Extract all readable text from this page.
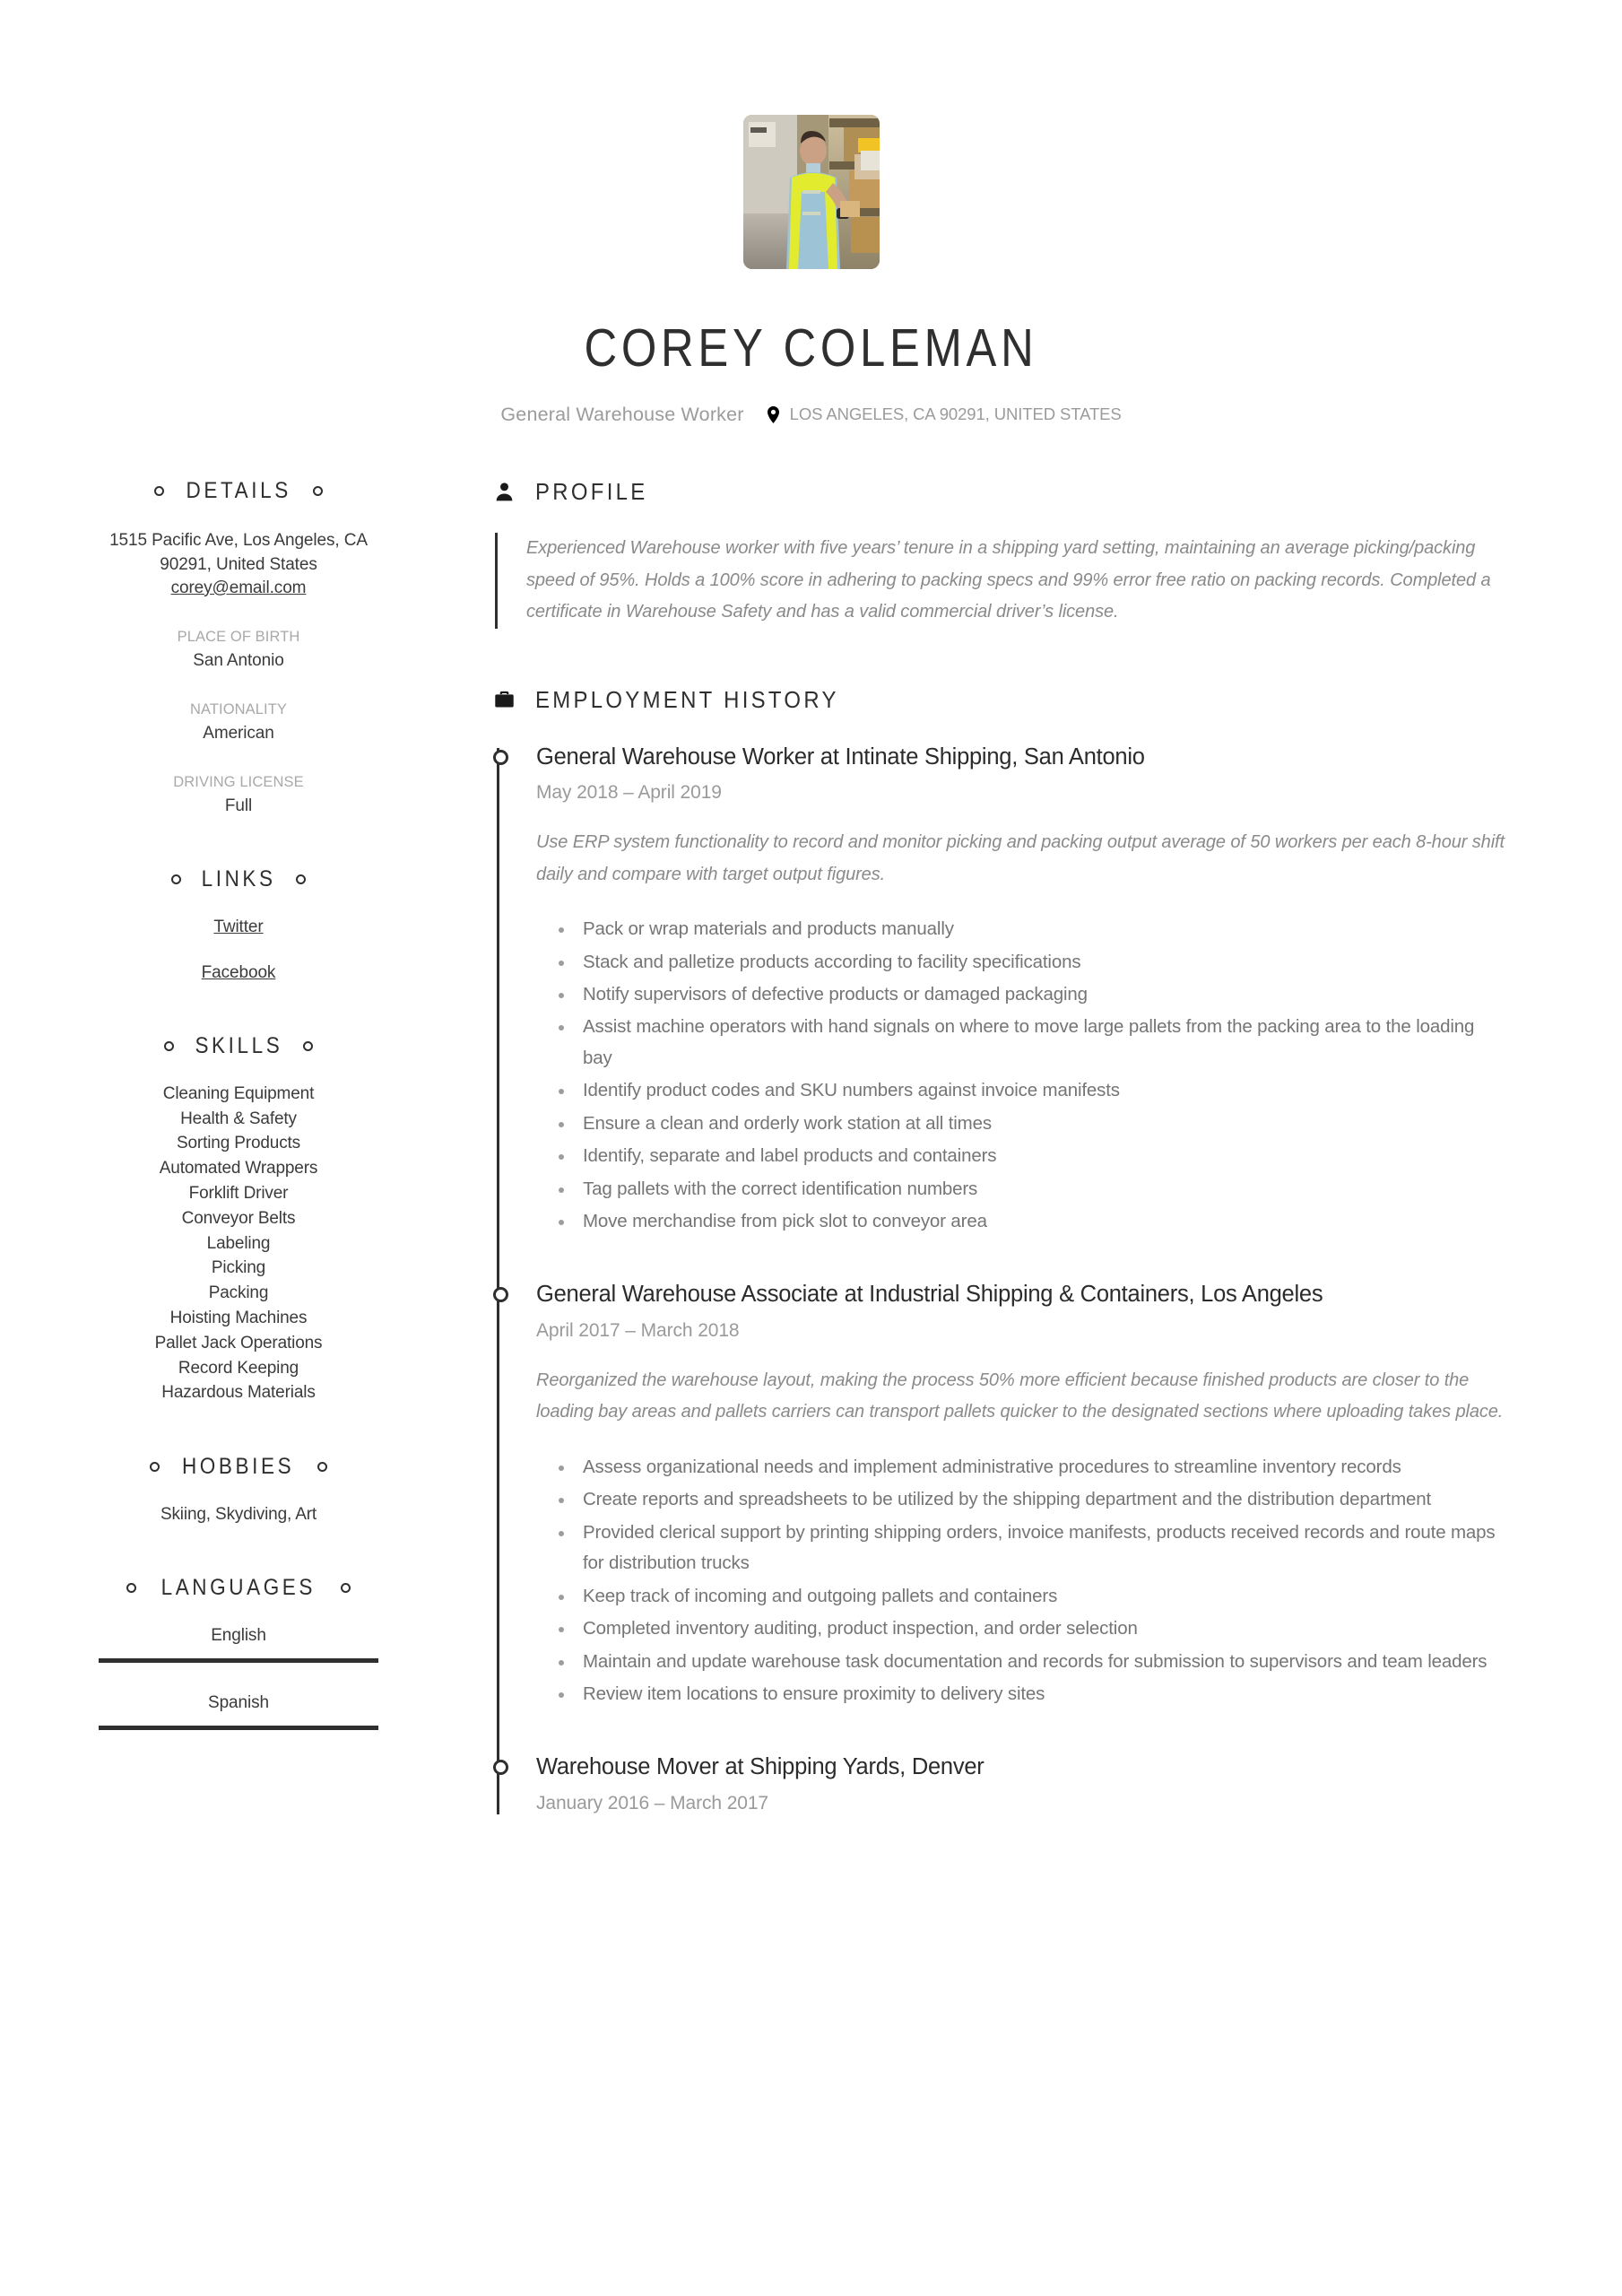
COREY COLEMAN
General Warehouse Worker	LOS ANGELES, CA 90291, UNITED STATES
DETAILS
1515 Pacific Ave, Los Angeles, CA
90291, United States
corey@email.com
PLACE OF BIRTH
San Antonio
NATIONALITY
American
DRIVING LICENSE
Full
LINKS
Twitter
Facebook
SKILLS
Cleaning Equipment
Health & Safety
Sorting Products
Automated Wrappers
Forklift Driver
Conveyor Belts
Labeling
Picking
Packing
Hoisting Machines
Pallet Jack Operations
Record Keeping
Hazardous Materials
HOBBIES
Skiing, Skydiving, Art
LANGUAGES
English
Spanish
PROFILE

Experienced Warehouse worker with five years’ tenure in a shipping yard setting, maintaining an average picking/packing speed of 95%. Holds a 100% score in adhering to packing specs and 99% error free ratio on packing records. Completed a certificate in Warehouse Safety and has a valid commercial driver’s license.

EMPLOYMENT HISTORY
General Warehouse Worker at Intinate Shipping, San Antonio
May 2018 – April 2019

Use ERP system functionality to record and monitor picking and packing output average of 50 workers per each 8-hour shift daily and compare with target output figures.

Pack or wrap materials and products manually
Stack and palletize products according to facility specifications
Notify supervisors of defective products or damaged packaging
Assist machine operators with hand signals on where to move large pallets from the packing area to the loading bay
Identify product codes and SKU numbers against invoice manifests
Ensure a clean and orderly work station at all times
Identify, separate and label products and containers
Tag pallets with the correct identification numbers
Move merchandise from pick slot to conveyor area
General Warehouse Associate at Industrial Shipping & Containers, Los Angeles
April 2017 – March 2018

Reorganized the warehouse layout, making the process 50% more efficient because finished products are closer to the loading bay areas and pallets carriers can transport pallets quicker to the designated sections where uploading takes place.

Assess organizational needs and implement administrative procedures to streamline inventory records
Create reports and spreadsheets to be utilized by the shipping department and the distribution department
Provided clerical support by printing shipping orders, invoice manifests, products received records and route maps for distribution trucks
Keep track of incoming and outgoing pallets and containers
Completed inventory auditing, product inspection, and order selection
Maintain and update warehouse task documentation and records for submission to supervisors and team leaders
Review item locations to ensure proximity to delivery sites
Warehouse Mover at Shipping Yards, Denver
January 2016 – March 2017
